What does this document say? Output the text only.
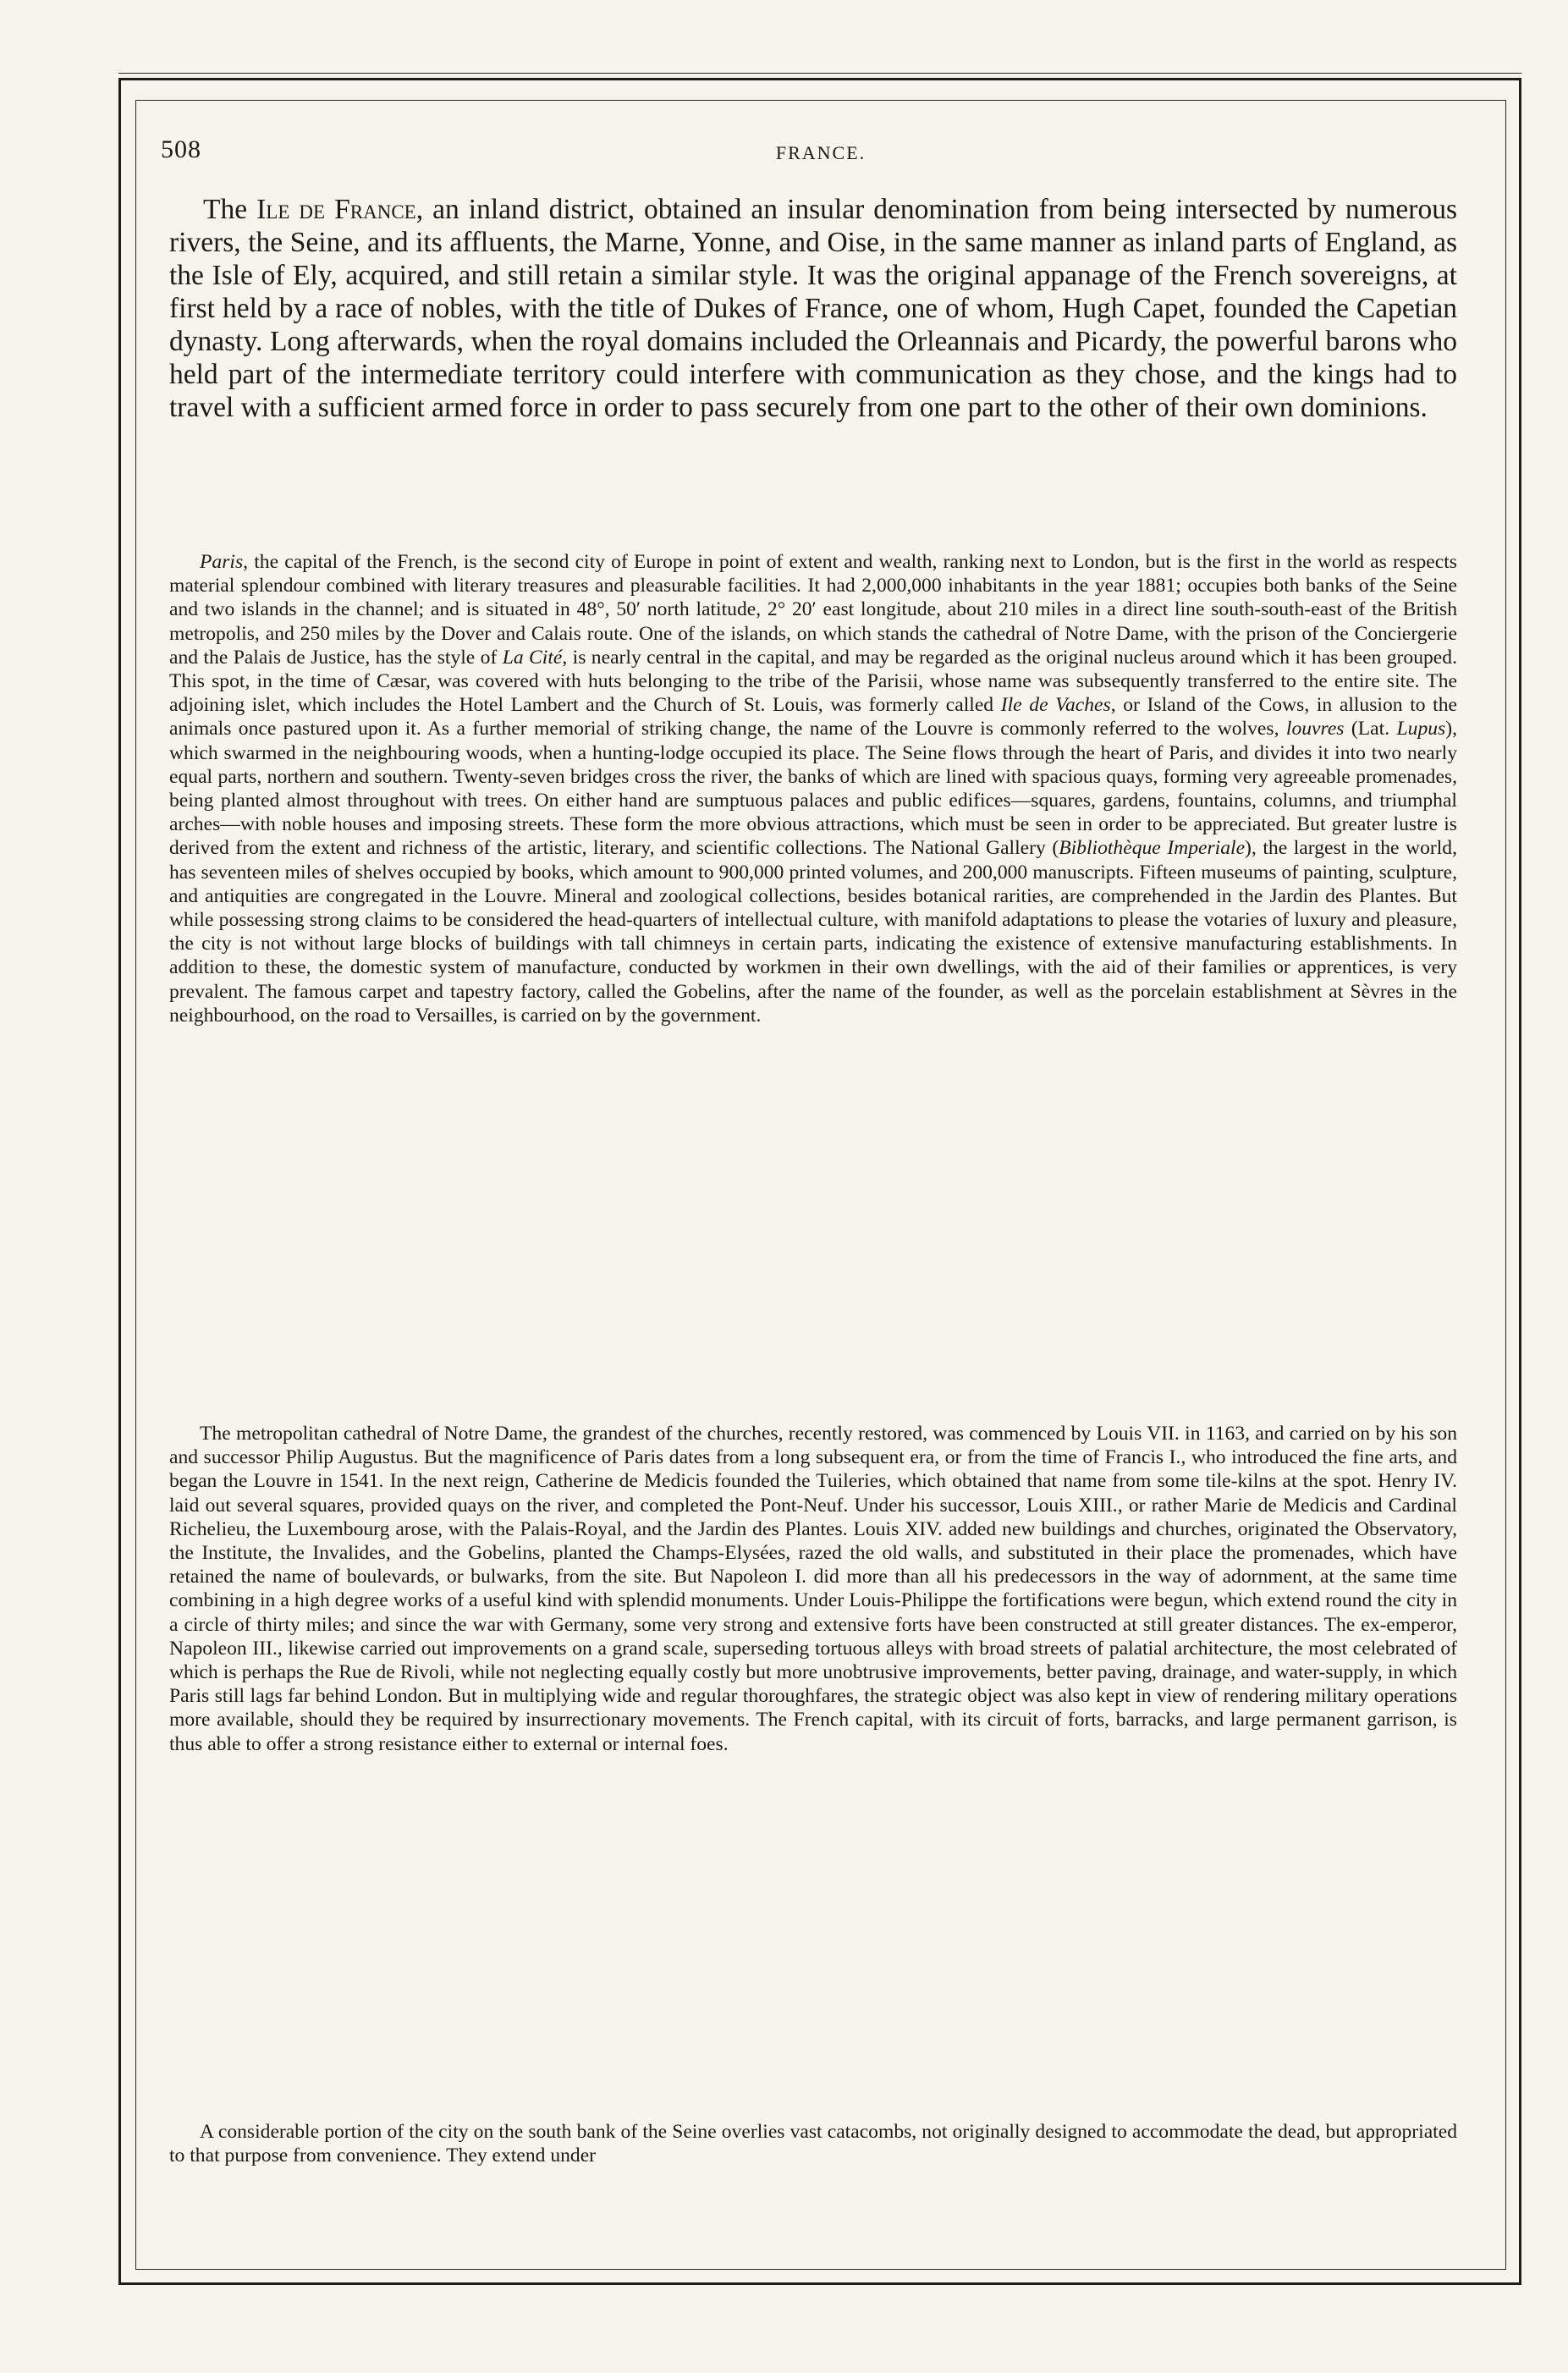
508	FRANCE.

The Ile de France, an inland district, obtained an insular denomination from being intersected by numerous rivers, the Seine, and its affluents, the Marne, Yonne, and Oise, in the same manner as inland parts of England, as the Isle of Ely, acquired, and still retain a similar style. It was the original appanage of the French sovereigns, at first held by a race of nobles, with the title of Dukes of France, one of whom, Hugh Capet, founded the Capetian dynasty. Long afterwards, when the royal domains included the Orleannais and Picardy, the powerful barons who held part of the intermediate territory could interfere with communication as they chose, and the kings had to travel with a sufficient armed force in order to pass securely from one part to the other of their own dominions.

Paris, the capital of the French, is the second city of Europe in point of extent and wealth, ranking next to London, but is the first in the world as respects material splendour combined with literary treasures and pleasurable facilities. It had 2,000,000 inhabitants in the year 1881; occupies both banks of the Seine and two islands in the channel; and is situated in 48°, 50′ north latitude, 2° 20′ east longitude, about 210 miles in a direct line south-south-east of the British metropolis, and 250 miles by the Dover and Calais route. One of the islands, on which stands the cathedral of Notre Dame, with the prison of the Conciergerie and the Palais de Justice, has the style of La Cité, is nearly central in the capital, and may be regarded as the original nucleus around which it has been grouped. This spot, in the time of Cæsar, was covered with huts belonging to the tribe of the Parisii, whose name was subsequently transferred to the entire site. The adjoining islet, which includes the Hotel Lambert and the Church of St. Louis, was formerly called Ile de Vaches, or Island of the Cows, in allusion to the animals once pastured upon it. As a further memorial of striking change, the name of the Louvre is commonly referred to the wolves, louvres (Lat. Lupus), which swarmed in the neighbouring woods, when a hunting-lodge occupied its place. The Seine flows through the heart of Paris, and divides it into two nearly equal parts, northern and southern. Twenty-seven bridges cross the river, the banks of which are lined with spacious quays, forming very agreeable promenades, being planted almost throughout with trees. On either hand are sumptuous palaces and public edifices—squares, gardens, fountains, columns, and triumphal arches—with noble houses and imposing streets. These form the more obvious attractions, which must be seen in order to be appreciated. But greater lustre is derived from the extent and richness of the artistic, literary, and scientific collections. The National Gallery (Bibliothèque Imperiale), the largest in the world, has seventeen miles of shelves occupied by books, which amount to 900,000 printed volumes, and 200,000 manuscripts. Fifteen museums of painting, sculpture, and antiquities are congregated in the Louvre. Mineral and zoological collections, besides botanical rarities, are comprehended in the Jardin des Plantes. But while possessing strong claims to be considered the head-quarters of intellectual culture, with manifold adaptations to please the votaries of luxury and pleasure, the city is not without large blocks of buildings with tall chimneys in certain parts, indicating the existence of extensive manufacturing establishments. In addition to these, the domestic system of manufacture, conducted by workmen in their own dwellings, with the aid of their families or apprentices, is very prevalent. The famous carpet and tapestry factory, called the Gobelins, after the name of the founder, as well as the porcelain establishment at Sèvres in the neighbourhood, on the road to Versailles, is carried on by the government.

The metropolitan cathedral of Notre Dame, the grandest of the churches, recently restored, was commenced by Louis VII. in 1163, and carried on by his son and successor Philip Augustus. But the magnificence of Paris dates from a long subsequent era, or from the time of Francis I., who introduced the fine arts, and began the Louvre in 1541. In the next reign, Catherine de Medicis founded the Tuileries, which obtained that name from some tile-kilns at the spot. Henry IV. laid out several squares, provided quays on the river, and completed the Pont-Neuf. Under his successor, Louis XIII., or rather Marie de Medicis and Cardinal Richelieu, the Luxembourg arose, with the Palais-Royal, and the Jardin des Plantes. Louis XIV. added new buildings and churches, originated the Observatory, the Institute, the Invalides, and the Gobelins, planted the Champs-Elysées, razed the old walls, and substituted in their place the promenades, which have retained the name of boulevards, or bulwarks, from the site. But Napoleon I. did more than all his predecessors in the way of adornment, at the same time combining in a high degree works of a useful kind with splendid monuments. Under Louis-Philippe the fortifications were begun, which extend round the city in a circle of thirty miles; and since the war with Germany, some very strong and extensive forts have been constructed at still greater distances. The ex-emperor, Napoleon III., likewise carried out improvements on a grand scale, superseding tortuous alleys with broad streets of palatial architecture, the most celebrated of which is perhaps the Rue de Rivoli, while not neglecting equally costly but more unobtrusive improvements, better paving, drainage, and water-supply, in which Paris still lags far behind London. But in multiplying wide and regular thoroughfares, the strategic object was also kept in view of rendering military operations more available, should they be required by insurrectionary movements. The French capital, with its circuit of forts, barracks, and large permanent garrison, is thus able to offer a strong resistance either to external or internal foes.

A considerable portion of the city on the south bank of the Seine overlies vast catacombs, not originally designed to accommodate the dead, but appropriated to that purpose from convenience. They extend under
